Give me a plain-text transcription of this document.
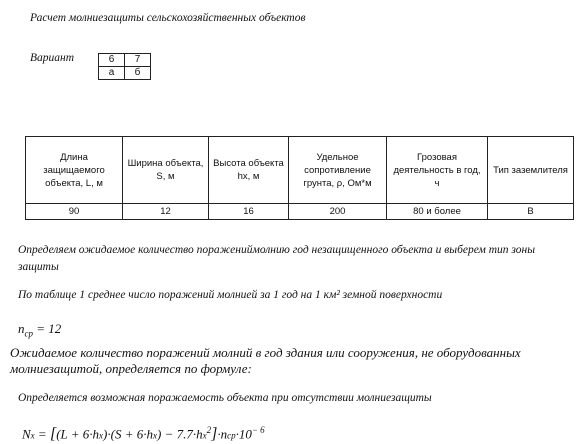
Расчет молниезащиты сельскохозяйственных объектов
Вариант	6	7
а	б
Длина защищаемого объекта, L, м	Ширина объекта, S, м	Высота объекта hx, м	Удельное сопротивление грунта, ρ, Ом*м	Грозовая деятельность в год, ч	Тип заземлителя
90	12	16	200	80 и более	В
Определяем ожидаемое количество поражениймолнию год незащищенного объекта и выберем тип зоны защиты
По таблице 1 среднее число поражений молнией за 1 год на 1 км² земной поверхности
$n_{ср} = 12$
Ожидаемое количество поражений молний в год здания или сооружения, не оборудованных молниезащитой, определяется по формуле:
Определяется возможная поражаемость объекта при отсутствии молниезащиты
$Nx = [(L + 6\cdot hx)\cdot(S + 6\cdot hx) - 7.7\cdot hx^2]\cdot nср\cdot 10^{- 6}$
